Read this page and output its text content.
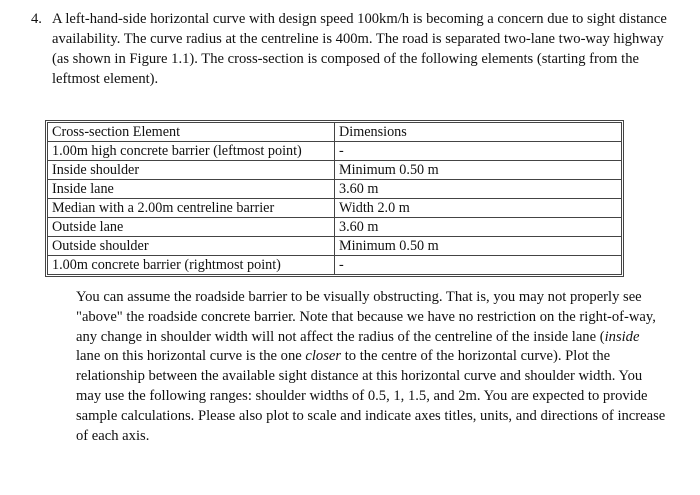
4. A left-hand-side horizontal curve with design speed 100km/h is becoming a concern due to sight distance availability. The curve radius at the centreline is 400m. The road is separated two-lane two-way highway (as shown in Figure 1.1). The cross-section is composed of the following elements (starting from the leftmost element).
Cross-section Element	Dimensions
1.00m high concrete barrier (leftmost point)	-
Inside shoulder	Minimum 0.50 m
Inside lane	3.60 m
Median with a 2.00m centreline barrier	Width 2.0 m
Outside lane	3.60 m
Outside shoulder	Minimum 0.50 m
1.00m concrete barrier (rightmost point)	-

You can assume the roadside barrier to be visually obstructing. That is, you may not properly see "above" the roadside concrete barrier. Note that because we have no restriction on the right-of-way, any change in shoulder width will not affect the radius of the centreline of the inside lane (inside lane on this horizontal curve is the one closer to the centre of the horizontal curve). Plot the relationship between the available sight distance at this horizontal curve and shoulder width. You may use the following ranges: shoulder widths of 0.5, 1, 1.5, and 2m. You are expected to provide sample calculations. Please also plot to scale and indicate axes titles, units, and directions of increase of each axis.
